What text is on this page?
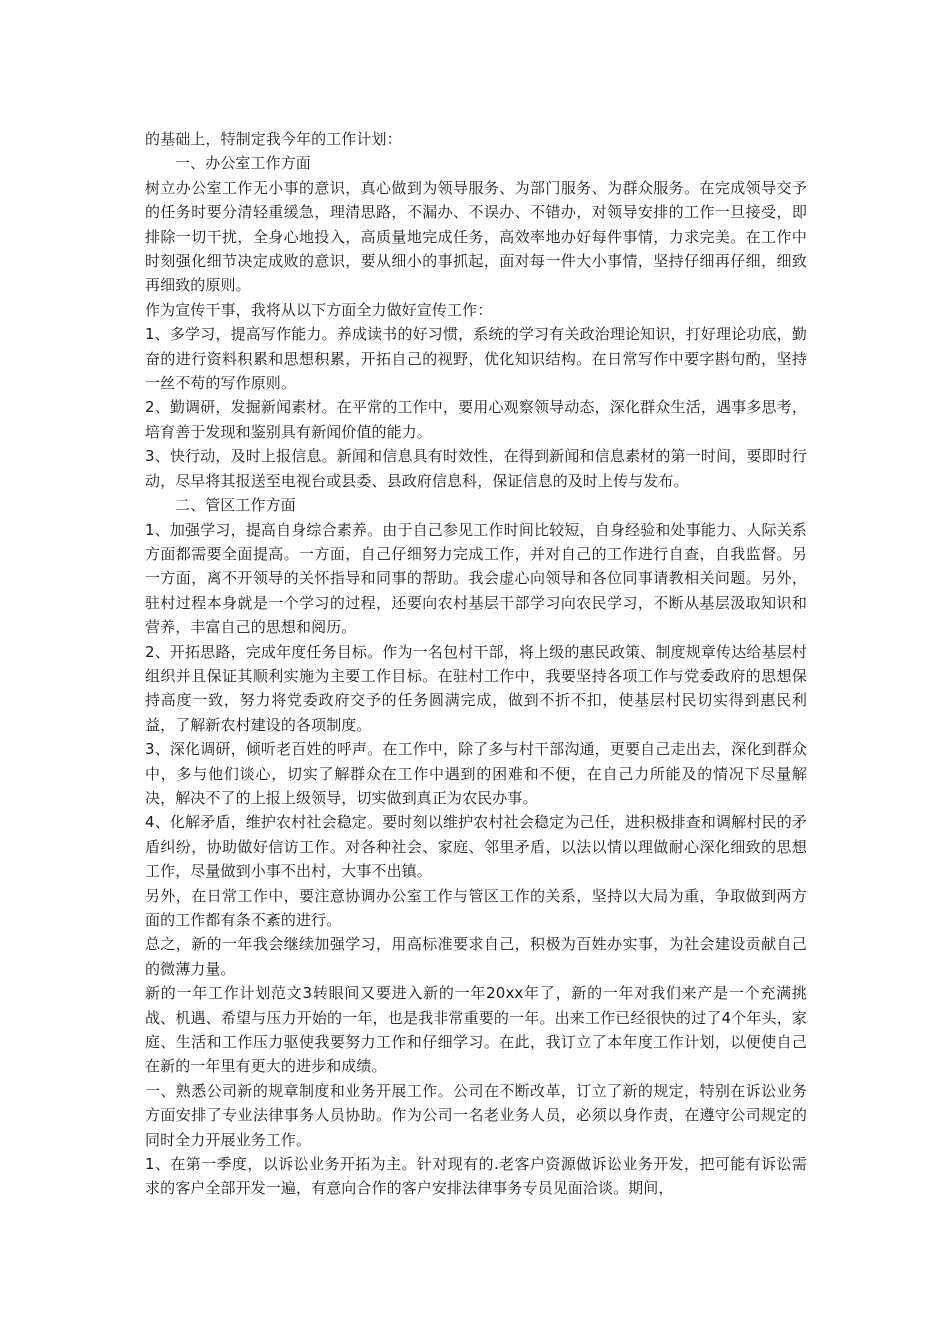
的基础上，特制定我今年的工作计划：

一、办公室工作方面

树立办公室工作无小事的意识，真心做到为领导服务、为部门服务、为群众服务。在完成领导交予的任务时要分清轻重缓急，理清思路，不漏办、不误办、不错办，对领导安排的工作一旦接受，即排除一切干扰，全身心地投入，高质量地完成任务，高效率地办好每件事情，力求完美。在工作中时刻强化细节决定成败的意识，要从细小的事抓起，面对每一件大小事情，坚持仔细再仔细，细致再细致的原则。

作为宣传干事，我将从以下方面全力做好宣传工作：

1、多学习，提高写作能力。养成读书的好习惯，系统的学习有关政治理论知识，打好理论功底，勤奋的进行资料积累和思想积累，开拓自己的视野，优化知识结构。在日常写作中要字斟句酌，坚持一丝不苟的写作原则。

2、勤调研，发掘新闻素材。在平常的工作中，要用心观察领导动态，深化群众生活，遇事多思考，培育善于发现和鉴别具有新闻价值的能力。

3、快行动，及时上报信息。新闻和信息具有时效性，在得到新闻和信息素材的第一时间，要即时行动，尽早将其报送至电视台或县委、县政府信息科，保证信息的及时上传与发布。

二、管区工作方面

1、加强学习，提高自身综合素养。由于自己参见工作时间比较短，自身经验和处事能力、人际关系方面都需要全面提高。一方面，自己仔细努力完成工作，并对自己的工作进行自查，自我监督。另一方面，离不开领导的关怀指导和同事的帮助。我会虚心向领导和各位同事请教相关问题。另外，驻村过程本身就是一个学习的过程，还要向农村基层干部学习向农民学习，不断从基层汲取知识和营养，丰富自己的思想和阅历。

2、开拓思路，完成年度任务目标。作为一名包村干部，将上级的惠民政策、制度规章传达给基层村组织并且保证其顺利实施为主要工作目标。在驻村工作中，我要坚持各项工作与党委政府的思想保持高度一致，努力将党委政府交予的任务圆满完成，做到不折不扣，使基层村民切实得到惠民利益，了解新农村建设的各项制度。

3、深化调研，倾听老百姓的呼声。在工作中，除了多与村干部沟通，更要自己走出去，深化到群众中，多与他们谈心，切实了解群众在工作中遇到的困难和不便，在自己力所能及的情况下尽量解决，解决不了的上报上级领导，切实做到真正为农民办事。

4、化解矛盾，维护农村社会稳定。要时刻以维护农村社会稳定为己任，进积极排查和调解村民的矛盾纠纷，协助做好信访工作。对各种社会、家庭、邻里矛盾，以法以情以理做耐心深化细致的思想工作，尽量做到小事不出村，大事不出镇。

另外，在日常工作中，要注意协调办公室工作与管区工作的关系，坚持以大局为重，争取做到两方面的工作都有条不紊的进行。

总之，新的一年我会继续加强学习，用高标准要求自己，积极为百姓办实事，为社会建设贡献自己的微薄力量。

新的一年工作计划范文3转眼间又要进入新的一年20xx年了，新的一年对我们来产是一个充满挑战、机遇、希望与压力开始的一年，也是我非常重要的一年。出来工作已经很快的过了4个年头，家庭、生活和工作压力驱使我要努力工作和仔细学习。在此，我订立了本年度工作计划，以便使自己在新的一年里有更大的进步和成绩。

一、熟悉公司新的规章制度和业务开展工作。公司在不断改革，订立了新的规定，特别在诉讼业务方面安排了专业法律事务人员协助。作为公司一名老业务人员，必须以身作责，在遵守公司规定的同时全力开展业务工作。

1、在第一季度，以诉讼业务开拓为主。针对现有的.老客户资源做诉讼业务开发，把可能有诉讼需求的客户全部开发一遍，有意向合作的客户安排法律事务专员见面洽谈。期间，
